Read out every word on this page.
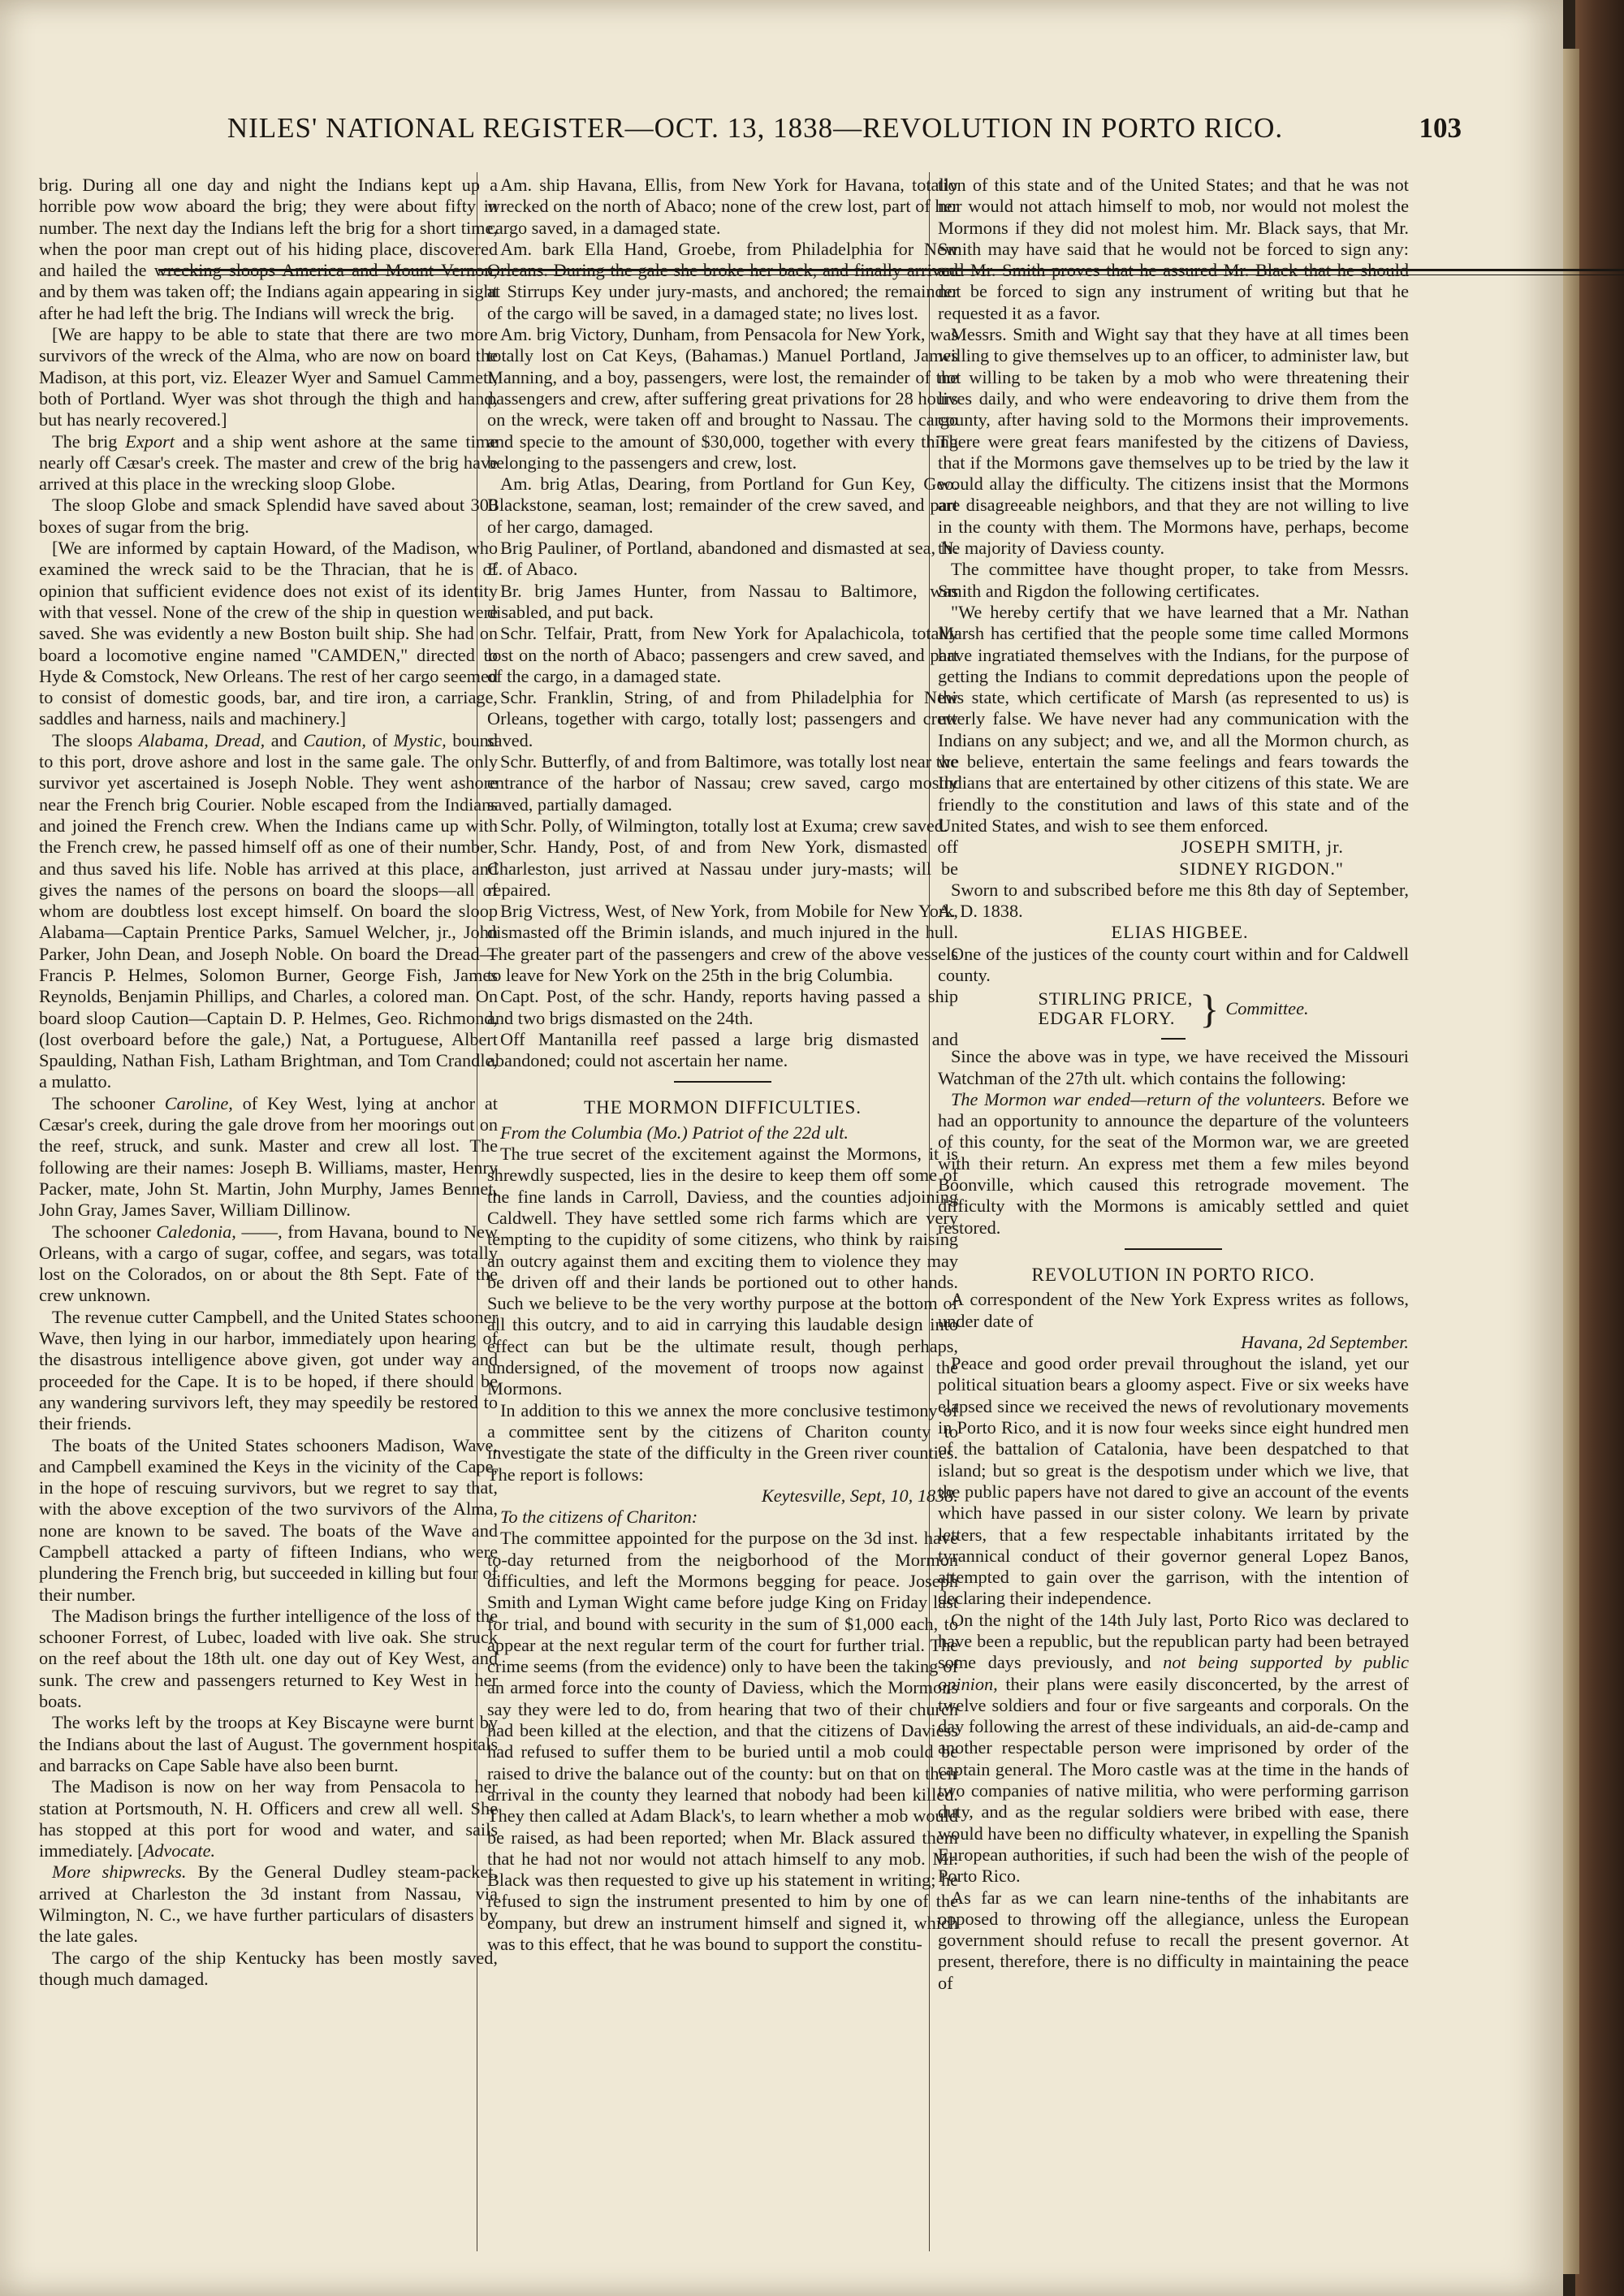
NILES' NATIONAL REGISTER—OCT. 13, 1838—REVOLUTION IN PORTO RICO.	103

brig. During all one day and night the Indians kept up a horrible pow wow aboard the brig; they were about fifty in number. The next day the Indians left the brig for a short time, when the poor man crept out of his hiding place, discovered and hailed the wrecking sloops America and Mount Vernon, and by them was taken off; the Indians again appearing in sight after he had left the brig. The Indians will wreck the brig.

[We are happy to be able to state that there are two more survivors of the wreck of the Alma, who are now on board the Madison, at this port, viz. Eleazer Wyer and Samuel Cammett, both of Portland. Wyer was shot through the thigh and hand, but has nearly recovered.]

The brig Export and a ship went ashore at the same time nearly off Cæsar's creek. The master and crew of the brig have arrived at this place in the wrecking sloop Globe.

The sloop Globe and smack Splendid have saved about 300 boxes of sugar from the brig.

[We are informed by captain Howard, of the Madison, who examined the wreck said to be the Thracian, that he is of opinion that sufficient evidence does not exist of its identity with that vessel. None of the crew of the ship in question were saved. She was evidently a new Boston built ship. She had on board a locomotive engine named "CAMDEN," directed to Hyde & Comstock, New Orleans. The rest of her cargo seemed to consist of domestic goods, bar, and tire iron, a carriage, saddles and harness, nails and machinery.]

The sloops Alabama, Dread, and Caution, of Mystic, bound to this port, drove ashore and lost in the same gale. The only survivor yet ascertained is Joseph Noble. They went ashore near the French brig Courier. Noble escaped from the Indians and joined the French crew. When the Indians came up with the French crew, he passed himself off as one of their number, and thus saved his life. Noble has arrived at this place, and gives the names of the persons on board the sloops—all of whom are doubtless lost except himself. On board the sloop Alabama—Captain Prentice Parks, Samuel Welcher, jr., John Parker, John Dean, and Joseph Noble. On board the Dread—Francis P. Helmes, Solomon Burner, George Fish, James Reynolds, Benjamin Phillips, and Charles, a colored man. On board sloop Caution—Captain D. P. Helmes, Geo. Richmond, (lost overboard before the gale,) Nat, a Portuguese, Albert Spaulding, Nathan Fish, Latham Brightman, and Tom Crandle, a mulatto.

The schooner Caroline, of Key West, lying at anchor at Cæsar's creek, during the gale drove from her moorings out on the reef, struck, and sunk. Master and crew all lost. The following are their names: Joseph B. Williams, master, Henry Packer, mate, John St. Martin, John Murphy, James Bennet, John Gray, James Saver, William Dillinow.

The schooner Caledonia, ——, from Havana, bound to New Orleans, with a cargo of sugar, coffee, and segars, was totally lost on the Colorados, on or about the 8th Sept. Fate of the crew unknown.

The revenue cutter Campbell, and the United States schooner Wave, then lying in our harbor, immediately upon hearing of the disastrous intelligence above given, got under way and proceeded for the Cape. It is to be hoped, if there should be any wandering survivors left, they may speedily be restored to their friends.

The boats of the United States schooners Madison, Wave, and Campbell examined the Keys in the vicinity of the Cape, in the hope of rescuing survivors, but we regret to say that, with the above exception of the two survivors of the Alma, none are known to be saved. The boats of the Wave and Campbell attacked a party of fifteen Indians, who were plundering the French brig, but succeeded in killing but four of their number.

The Madison brings the further intelligence of the loss of the schooner Forrest, of Lubec, loaded with live oak. She struck on the reef about the 18th ult. one day out of Key West, and sunk. The crew and passengers returned to Key West in her boats.

The works left by the troops at Key Biscayne were burnt by the Indians about the last of August. The government hospitals and barracks on Cape Sable have also been burnt.

The Madison is now on her way from Pensacola to her station at Portsmouth, N. H. Officers and crew all well. She has stopped at this port for wood and water, and sails immediately. [Advocate.

More shipwrecks. By the General Dudley steam-packet, arrived at Charleston the 3d instant from Nassau, via Wilmington, N. C., we have further particulars of disasters by the late gales.

The cargo of the ship Kentucky has been mostly saved, though much damaged.

Am. ship Havana, Ellis, from New York for Havana, totally wrecked on the north of Abaco; none of the crew lost, part of her cargo saved, in a damaged state.

Am. bark Ella Hand, Groebe, from Philadelphia for New Orleans. During the gale she broke her back, and finally arrived at Stirrups Key under jury-masts, and anchored; the remainder of the cargo will be saved, in a damaged state; no lives lost.

Am. brig Victory, Dunham, from Pensacola for New York, was totally lost on Cat Keys, (Bahamas.) Manuel Portland, James Manning, and a boy, passengers, were lost, the remainder of the passengers and crew, after suffering great privations for 28 hours on the wreck, were taken off and brought to Nassau. The cargo and specie to the amount of $30,000, together with every thing belonging to the passengers and crew, lost.

Am. brig Atlas, Dearing, from Portland for Gun Key, Geo. Blackstone, seaman, lost; remainder of the crew saved, and part of her cargo, damaged.

Brig Pauliner, of Portland, abandoned and dismasted at sea, N. E. of Abaco.

Br. brig James Hunter, from Nassau to Baltimore, was disabled, and put back.

Schr. Telfair, Pratt, from New York for Apalachicola, totally lost on the north of Abaco; passengers and crew saved, and part of the cargo, in a damaged state.

Schr. Franklin, String, of and from Philadelphia for New Orleans, together with cargo, totally lost; passengers and crew saved.

Schr. Butterfly, of and from Baltimore, was totally lost near the entrance of the harbor of Nassau; crew saved, cargo mostly saved, partially damaged.

Schr. Polly, of Wilmington, totally lost at Exuma; crew saved.

Schr. Handy, Post, of and from New York, dismasted off Charleston, just arrived at Nassau under jury-masts; will be repaired.

Brig Victress, West, of New York, from Mobile for New York, dismasted off the Brimin islands, and much injured in the hull. The greater part of the passengers and crew of the above vessels to leave for New York on the 25th in the brig Columbia.

Capt. Post, of the schr. Handy, reports having passed a ship and two brigs dismasted on the 24th.

Off Mantanilla reef passed a large brig dismasted and abandoned; could not ascertain her name.

THE MORMON DIFFICULTIES.

From the Columbia (Mo.) Patriot of the 22d ult.

The true secret of the excitement against the Mormons, it is shrewdly suspected, lies in the desire to keep them off some of the fine lands in Carroll, Daviess, and the counties adjoining Caldwell. They have settled some rich farms which are very tempting to the cupidity of some citizens, who think by raising an outcry against them and exciting them to violence they may be driven off and their lands be portioned out to other hands. Such we believe to be the very worthy purpose at the bottom of all this outcry, and to aid in carrying this laudable design into effect can but be the ultimate result, though perhaps, undersigned, of the movement of troops now against the Mormons.

In addition to this we annex the more conclusive testimony of a committee sent by the citizens of Chariton county to investigate the state of the difficulty in the Green river counties. The report is follows:

Keytesville, Sept, 10, 1838.

To the citizens of Chariton:

The committee appointed for the purpose on the 3d inst. have to-day returned from the neigborhood of the Mormon difficulties, and left the Mormons begging for peace. Joseph Smith and Lyman Wight came before judge King on Friday last for trial, and bound with security in the sum of $1,000 each, to appear at the next regular term of the court for further trial. The crime seems (from the evidence) only to have been the taking of an armed force into the county of Daviess, which the Mormons say they were led to do, from hearing that two of their church had been killed at the election, and that the citizens of Daviess had refused to suffer them to be buried until a mob could be raised to drive the balance out of the county: but on that on their arrival in the county they learned that nobody had been killed. They then called at Adam Black's, to learn whether a mob would be raised, as had been reported; when Mr. Black assured them that he had not nor would not attach himself to any mob. Mr. Black was then requested to give up his statement in writing; he refused to sign the instrument presented to him by one of the company, but drew an instrument himself and signed it, which was to this effect, that he was bound to support the constitu-

tion of this state and of the United States; and that he was not nor would not attach himself to mob, nor would not molest the Mormons if they did not molest him. Mr. Black says, that Mr. Smith may have said that he would not be forced to sign any: and Mr. Smith proves that he assured Mr. Black that he should not be forced to sign any instrument of writing but that he requested it as a favor.

Messrs. Smith and Wight say that they have at all times been willing to give themselves up to an officer, to administer law, but not willing to be taken by a mob who were threatening their lives daily, and who were endeavoring to drive them from the county, after having sold to the Mormons their improvements. There were great fears manifested by the citizens of Daviess, that if the Mormons gave themselves up to be tried by the law it would allay the difficulty. The citizens insist that the Mormons are disagreeable neighbors, and that they are not willing to live in the county with them. The Mormons have, perhaps, become the majority of Daviess county.

The committee have thought proper, to take from Messrs. Smith and Rigdon the following certificates.

"We hereby certify that we have learned that a Mr. Nathan Marsh has certified that the people some time called Mormons have ingratiated themselves with the Indians, for the purpose of getting the Indians to commit depredations upon the people of this state, which certificate of Marsh (as represented to us) is utterly false. We have never had any communication with the Indians on any subject; and we, and all the Mormon church, as we believe, entertain the same feelings and fears towards the Indians that are entertained by other citizens of this state. We are friendly to the constitution and laws of this state and of the United States, and wish to see them enforced.

JOSEPH SMITH, jr.

SIDNEY RIGDON."

Sworn to and subscribed before me this 8th day of September, A. D. 1838.

ELIAS HIGBEE.

One of the justices of the county court within and for Caldwell county.

STIRLING PRICE,
EDGAR FLORY. } Committee.

Since the above was in type, we have received the Missouri Watchman of the 27th ult. which contains the following:

The Mormon war ended—return of the volunteers. Before we had an opportunity to announce the departure of the volunteers of this county, for the seat of the Mormon war, we are greeted with their return. An express met them a few miles beyond Boonville, which caused this retrograde movement. The difficulty with the Mormons is amicably settled and quiet restored.

REVOLUTION IN PORTO RICO.

A correspondent of the New York Express writes as follows, under date of

Havana, 2d September.

Peace and good order prevail throughout the island, yet our political situation bears a gloomy aspect. Five or six weeks have elapsed since we received the news of revolutionary movements in Porto Rico, and it is now four weeks since eight hundred men of the battalion of Catalonia, have been despatched to that island; but so great is the despotism under which we live, that the public papers have not dared to give an account of the events which have passed in our sister colony. We learn by private letters, that a few respectable inhabitants irritated by the tyrannical conduct of their governor general Lopez Banos, attempted to gain over the garrison, with the intention of declaring their independence.

On the night of the 14th July last, Porto Rico was declared to have been a republic, but the republican party had been betrayed some days previously, and not being supported by public opinion, their plans were easily disconcerted, by the arrest of twelve soldiers and four or five sargeants and corporals. On the day following the arrest of these individuals, an aid-de-camp and another respectable person were imprisoned by order of the captain general. The Moro castle was at the time in the hands of two companies of native militia, who were performing garrison duty, and as the regular soldiers were bribed with ease, there would have been no difficulty whatever, in expelling the Spanish European authorities, if such had been the wish of the people of Porto Rico.

As far as we can learn nine-tenths of the inhabitants are opposed to throwing off the allegiance, unless the European government should refuse to recall the present governor. At present, therefore, there is no difficulty in maintaining the peace of
